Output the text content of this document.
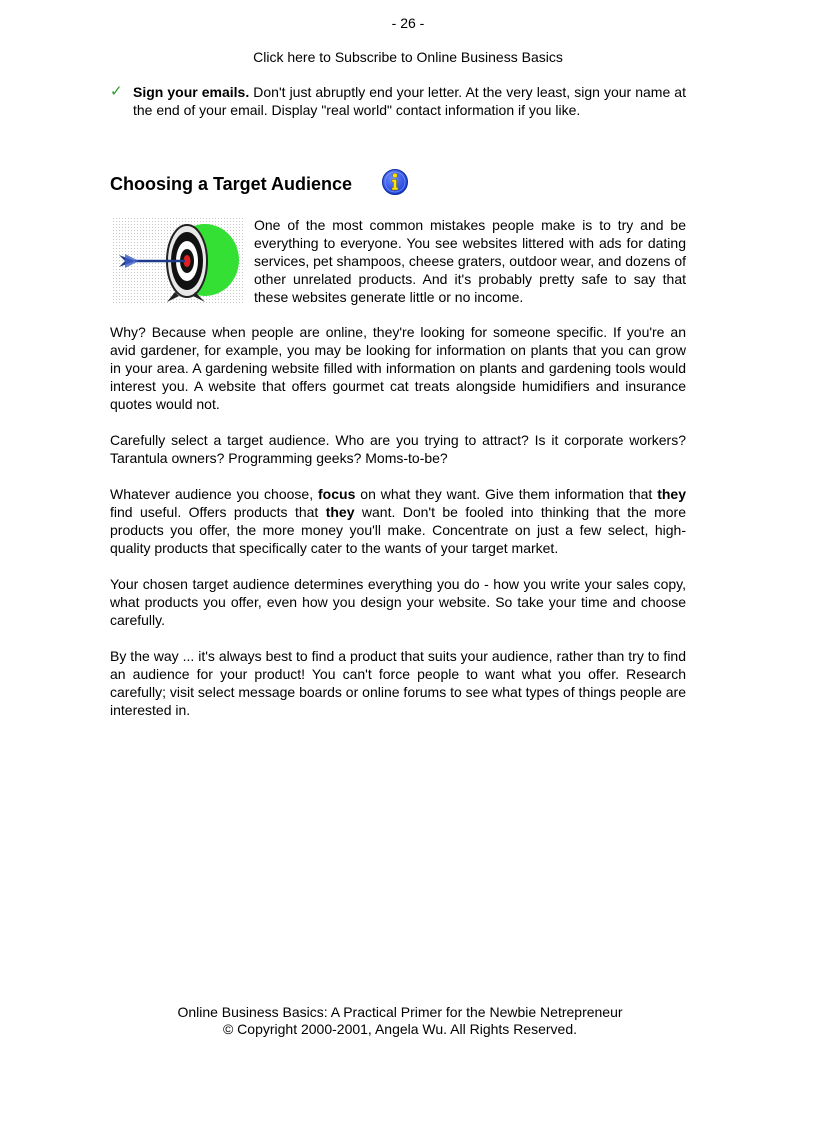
- 26 -
Click here to Subscribe to Online Business Basics
✓ Sign your emails. Don't just abruptly end your letter. At the very least, sign your name at the end of your email. Display "real world" contact information if you like.
Choosing a Target Audience

One of the most common mistakes people make is to try and be everything to everyone. You see websites littered with ads for dating services, pet shampoos, cheese graters, outdoor wear, and dozens of other unrelated products. And it's probably pretty safe to say that these websites generate little or no income.

Why? Because when people are online, they're looking for someone specific. If you're an avid gardener, for example, you may be looking for information on plants that you can grow in your area. A gardening website filled with information on plants and gardening tools would interest you. A website that offers gourmet cat treats alongside humidifiers and insurance quotes would not.

Carefully select a target audience. Who are you trying to attract? Is it corporate workers? Tarantula owners? Programming geeks? Moms-to-be?

Whatever audience you choose, focus on what they want. Give them information that they find useful. Offers products that they want. Don't be fooled into thinking that the more products you offer, the more money you'll make. Concentrate on just a few select, high-quality products that specifically cater to the wants of your target market.

Your chosen target audience determines everything you do - how you write your sales copy, what products you offer, even how you design your website. So take your time and choose carefully.

By the way ... it's always best to find a product that suits your audience, rather than try to find an audience for your product! You can't force people to want what you offer. Research carefully; visit select message boards or online forums to see what types of things people are interested in.

Online Business Basics: A Practical Primer for the Newbie Netrepreneur
© Copyright 2000-2001, Angela Wu. All Rights Reserved.
